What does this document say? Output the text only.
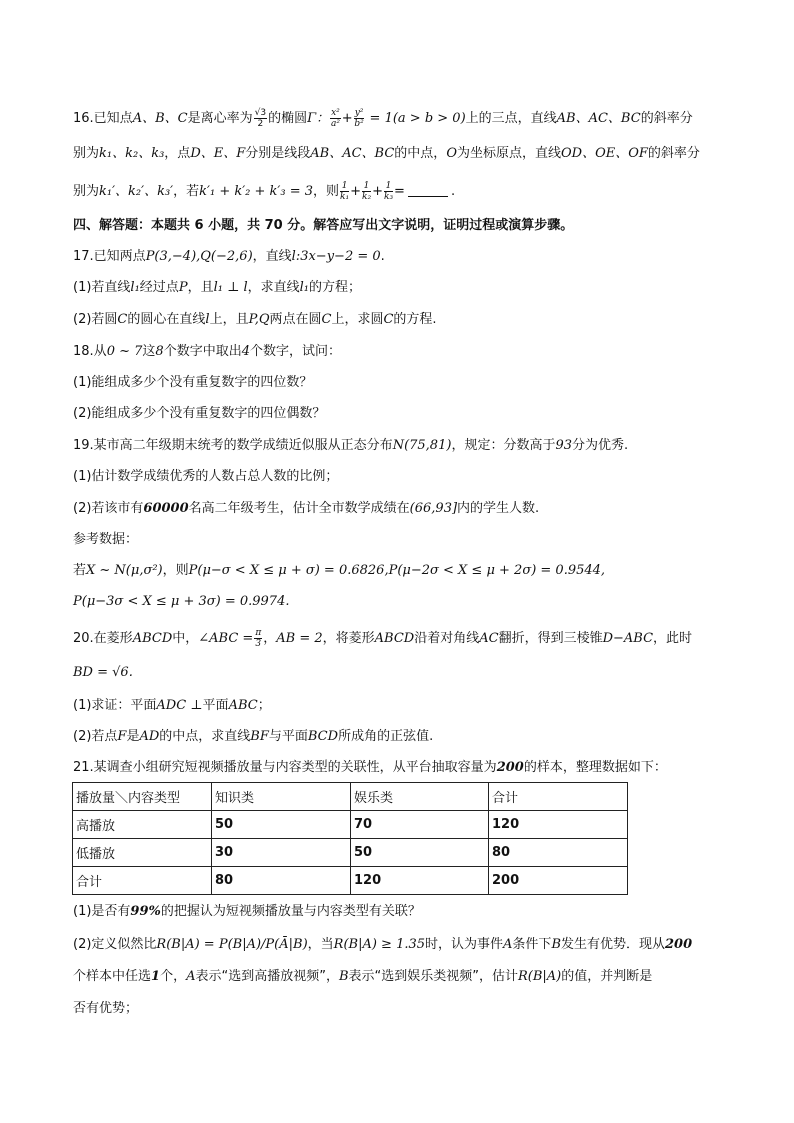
16.已知点A、B、C是离心率为 $\frac{√3}{2}$ 的椭圆Γ： $\frac{\text{x²}}{\text{a²}} + \frac{\text{y²}}{\text{b²}} = 1(a > b > 0)$上的三点，直线AB、AC、BC的斜率分
别为k₁、k₂、k₃，点D、E、F分别是线段AB、AC、BC的中点，O为坐标原点，直线OD、OE、OF的斜率分
别为k₁′、k₂′、k₃′，若k′₁ + k′₂ + k′₃ = 3，则 $\frac{1}{\text{k₁}} + \frac{1}{\text{k₂}} + \frac{1}{\text{k₃}}$ =	.
四、解答题：本题共 6 小题，共 70 分。解答应写出文字说明，证明过程或演算步骤。
17.已知两点P(3,−4),Q(−2,6)，直线l:3x−y−2 = 0.
(1)若直线l₁经过点P，且l₁ ⊥ l，求直线l₁的方程；
(2)若圆C的圆心在直线l上，且P,Q两点在圆C上，求圆C的方程.
18.从0 ~ 7这8个数字中取出4个数字，试问：
(1)能组成多少个没有重复数字的四位数？
(2)能组成多少个没有重复数字的四位偶数？
19.某市高二年级期末统考的数学成绩近似服从正态分布N(75,81)，规定：分数高于93分为优秀.
(1)估计数学成绩优秀的人数占总人数的比例；
(2)若该市有60000名高二年级考生，估计全市数学成绩在(66,93]内的学生人数.
参考数据：
若X ~ N(μ,σ²)，则P(μ−σ < X ≤ μ + σ) = 0.6826,P(μ−2σ < X ≤ μ + 2σ) = 0.9544,
P(μ−3σ < X ≤ μ + 3σ) = 0.9974.
20.在菱形ABCD中，∠ABC = $\frac{\pi}{3}$ ，AB = 2，将菱形ABCD沿着对角线AC翻折，得到三棱锥D−ABC，此时
BD = √6.
(1)求证：平面ADC ⊥平面ABC；
(2)若点F是AD的中点，求直线BF与平面BCD所成角的正弦值.
21.某调查小组研究短视频播放量与内容类型的关联性，从平台抽取容量为200的样本，整理数据如下：
播放量＼内容类型	知识类	娱乐类	合计
高播放	50	70	120
低播放	30	50	80
合计	80	120	200
(1)是否有99%的把握认为短视频播放量与内容类型有关联？
(2)定义似然比R(B|A) = P(B|A)/P(Ā|B)，当R(B|A) ≥ 1.35时，认为事件A条件下B发生有优势．现从200
个样本中任选1个，A表示“选到高播放视频”，B表示“选到娱乐类视频”，估计R(B|A)的值，并判断是
否有优势；
